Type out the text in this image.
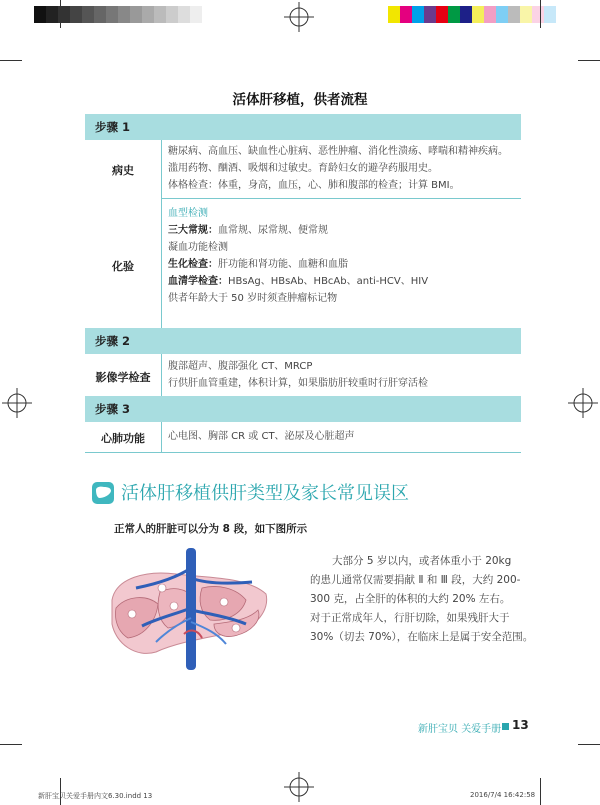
活体肝移植，供者流程
步骤 1
病史
糖尿病、高血压、缺血性心脏病、恶性肿瘤、消化性溃疡、哮喘和精神疾病。
滥用药物、酗酒、吸烟和过敏史。育龄妇女的避孕药服用史。
体格检查：体重，身高，血压，心、肺和腹部的检查；计算 BMI。
化验
血型检测
三大常规：血常规、尿常规、便常规
凝血功能检测
生化检查：肝功能和肾功能、血糖和血脂
血清学检查：HBsAg、HBsAb、HBcAb、anti-HCV、HIV
供者年龄大于 50 岁时须查肿瘤标记物
步骤 2
影像学检查
腹部超声、腹部强化 CT、MRCP
行供肝血管重建，体积计算，如果脂肪肝较重时行肝穿活检
步骤 3
心肺功能	心电图、胸部 CR 或 CT、泌尿及心脏超声
活体肝移植供肝类型及家长常见误区
正常人的肝脏可以分为 8 段，如下图所示
大部分 5 岁以内，或者体重小于 20kg
的患儿通常仅需要捐献 Ⅱ 和 Ⅲ 段，大约 200-
300 克，占全肝的体积的大约 20% 左右。
对于正常成年人，行肝切除，如果残肝大于
30%（切去 70%），在临床上是属于安全范围。
新肝宝贝 关爱手册 13
新肝宝贝关爱手册内文6.30.indd 13	2016/7/4 16:42:58
